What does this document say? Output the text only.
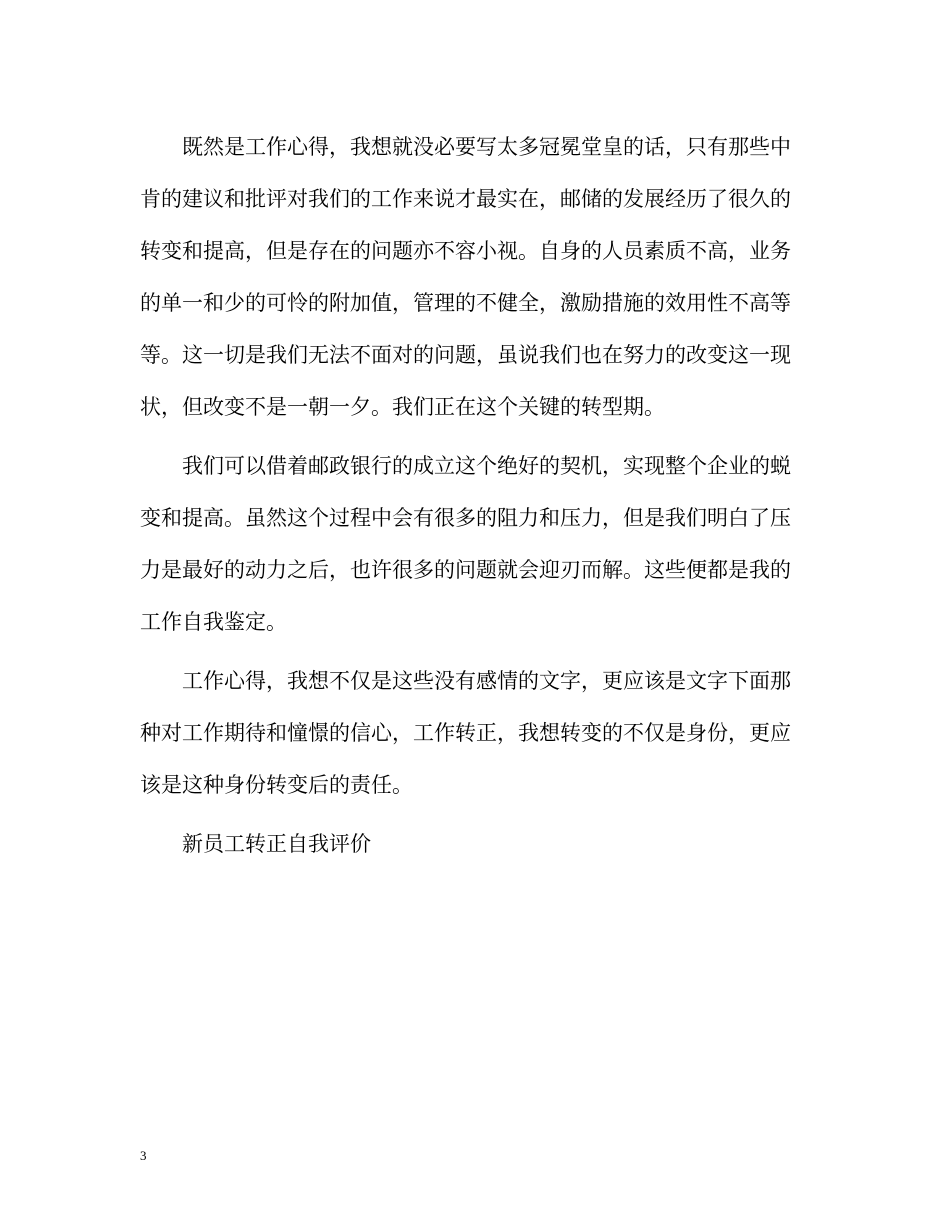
既然是工作心得，我想就没必要写太多冠冕堂皇的话，只有那些中
肯的建议和批评对我们的工作来说才最实在，邮储的发展经历了很久的
转变和提高，但是存在的问题亦不容小视。自身的人员素质不高，业务
的单一和少的可怜的附加值，管理的不健全，激励措施的效用性不高等
等。这一切是我们无法不面对的问题，虽说我们也在努力的改变这一现
状，但改变不是一朝一夕。我们正在这个关键的转型期。
我们可以借着邮政银行的成立这个绝好的契机，实现整个企业的蜕
变和提高。虽然这个过程中会有很多的阻力和压力，但是我们明白了压
力是最好的动力之后，也许很多的问题就会迎刃而解。这些便都是我的
工作自我鉴定。
工作心得，我想不仅是这些没有感情的文字，更应该是文字下面那
种对工作期待和憧憬的信心，工作转正，我想转变的不仅是身份，更应
该是这种身份转变后的责任。
新员工转正自我评价
3
